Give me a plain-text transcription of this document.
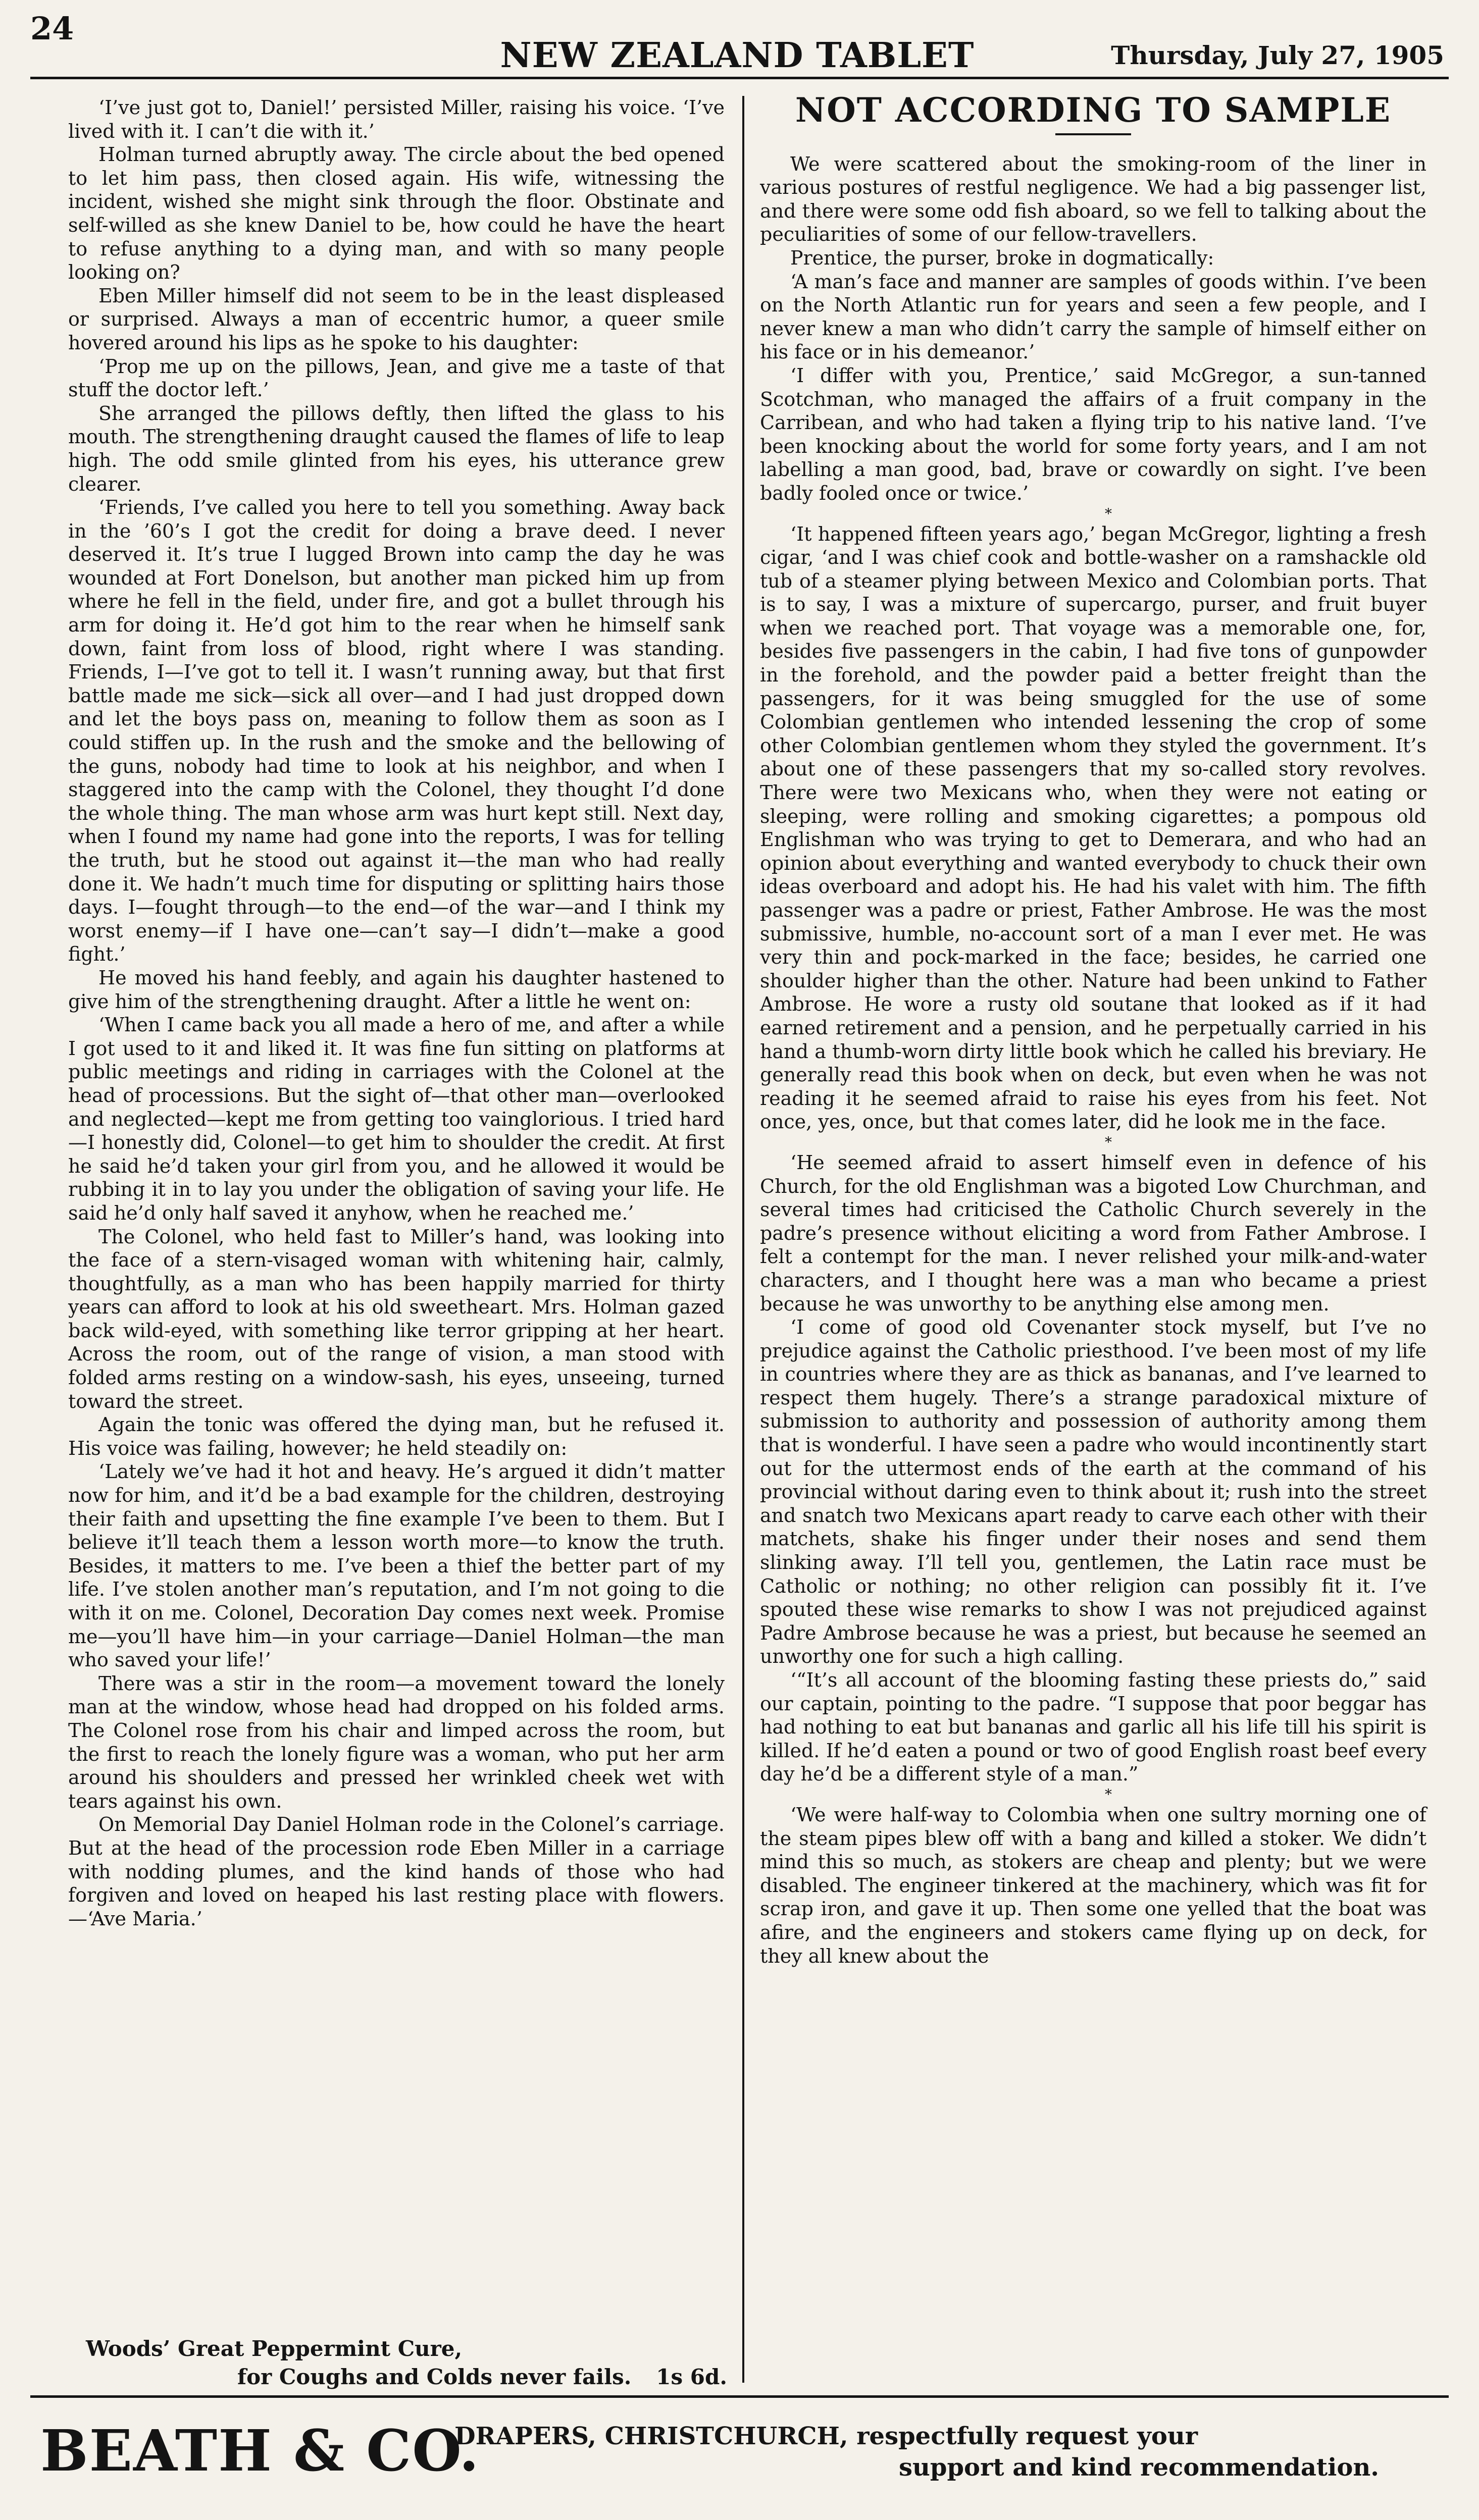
NEW ZEALAND TABLET	Thursday, July 27, 1905
24

‘I’ve just got to, Daniel!’ persisted Miller, raising his voice. ‘I’ve lived with it. I can’t die with it.’

Holman turned abruptly away. The circle about the bed opened to let him pass, then closed again. His wife, witnessing the incident, wished she might sink through the floor. Obstinate and self-willed as she knew Daniel to be, how could he have the heart to refuse anything to a dying man, and with so many people looking on?

Eben Miller himself did not seem to be in the least displeased or surprised. Always a man of eccentric humor, a queer smile hovered around his lips as he spoke to his daughter:

‘Prop me up on the pillows, Jean, and give me a taste of that stuff the doctor left.’

She arranged the pillows deftly, then lifted the glass to his mouth. The strengthening draught caused the flames of life to leap high. The odd smile glinted from his eyes, his utterance grew clearer.

‘Friends, I’ve called you here to tell you something. Away back in the ’60’s I got the credit for doing a brave deed. I never deserved it. It’s true I lugged Brown into camp the day he was wounded at Fort Donelson, but another man picked him up from where he fell in the field, under fire, and got a bullet through his arm for doing it. He’d got him to the rear when he himself sank down, faint from loss of blood, right where I was standing. Friends, I—I’ve got to tell it. I wasn’t running away, but that first battle made me sick—sick all over—and I had just dropped down and let the boys pass on, meaning to follow them as soon as I could stiffen up. In the rush and the smoke and the bellowing of the guns, nobody had time to look at his neighbor, and when I staggered into the camp with the Colonel, they thought I’d done the whole thing. The man whose arm was hurt kept still. Next day, when I found my name had gone into the reports, I was for telling the truth, but he stood out against it—the man who had really done it. We hadn’t much time for disputing or splitting hairs those days. I—fought through—to the end—of the war—and I think my worst enemy—if I have one—can’t say—I didn’t—make a good fight.’

He moved his hand feebly, and again his daughter hastened to give him of the strengthening draught. After a little he went on:

‘When I came back you all made a hero of me, and after a while I got used to it and liked it. It was fine fun sitting on platforms at public meetings and riding in carriages with the Colonel at the head of processions. But the sight of—that other man—overlooked and neglected—kept me from getting too vainglorious. I tried hard—I honestly did, Colonel—to get him to shoulder the credit. At first he said he’d taken your girl from you, and he allowed it would be rubbing it in to lay you under the obligation of saving your life. He said he’d only half saved it anyhow, when he reached me.’

The Colonel, who held fast to Miller’s hand, was looking into the face of a stern-visaged woman with whitening hair, calmly, thoughtfully, as a man who has been happily married for thirty years can afford to look at his old sweetheart. Mrs. Holman gazed back wild-eyed, with something like terror gripping at her heart. Across the room, out of the range of vision, a man stood with folded arms resting on a window-sash, his eyes, unseeing, turned toward the street.

Again the tonic was offered the dying man, but he refused it. His voice was failing, however; he held steadily on:

‘Lately we’ve had it hot and heavy. He’s argued it didn’t matter now for him, and it’d be a bad example for the children, destroying their faith and upsetting the fine example I’ve been to them. But I believe it’ll teach them a lesson worth more—to know the truth. Besides, it matters to me. I’ve been a thief the better part of my life. I’ve stolen another man’s reputation, and I’m not going to die with it on me. Colonel, Decoration Day comes next week. Promise me—you’ll have him—in your carriage—Daniel Holman—the man who saved your life!’

There was a stir in the room—a movement toward the lonely man at the window, whose head had dropped on his folded arms. The Colonel rose from his chair and limped across the room, but the first to reach the lonely figure was a woman, who put her arm around his shoulders and pressed her wrinkled cheek wet with tears against his own.

On Memorial Day Daniel Holman rode in the Colonel’s carriage. But at the head of the procession rode Eben Miller in a carriage with nodding plumes, and the kind hands of those who had forgiven and loved on heaped his last resting place with flowers.—‘Ave Maria.’

NOT ACCORDING TO SAMPLE

We were scattered about the smoking-room of the liner in various postures of restful negligence. We had a big passenger list, and there were some odd fish aboard, so we fell to talking about the peculiarities of some of our fellow-travellers.

Prentice, the purser, broke in dogmatically:

‘A man’s face and manner are samples of goods within. I’ve been on the North Atlantic run for years and seen a few people, and I never knew a man who didn’t carry the sample of himself either on his face or in his demeanor.’

‘I differ with you, Prentice,’ said McGregor, a sun-tanned Scotchman, who managed the affairs of a fruit company in the Carribean, and who had taken a flying trip to his native land. ‘I’ve been knocking about the world for some forty years, and I am not labelling a man good, bad, brave or cowardly on sight. I’ve been badly fooled once or twice.’

*

‘It happened fifteen years ago,’ began McGregor, lighting a fresh cigar, ‘and I was chief cook and bottle-washer on a ramshackle old tub of a steamer plying between Mexico and Colombian ports. That is to say, I was a mixture of supercargo, purser, and fruit buyer when we reached port. That voyage was a memorable one, for, besides five passengers in the cabin, I had five tons of gunpowder in the forehold, and the powder paid a better freight than the passengers, for it was being smuggled for the use of some Colombian gentlemen who intended lessening the crop of some other Colombian gentlemen whom they styled the government. It’s about one of these passengers that my so-called story revolves. There were two Mexicans who, when they were not eating or sleeping, were rolling and smoking cigarettes; a pompous old Englishman who was trying to get to Demerara, and who had an opinion about everything and wanted everybody to chuck their own ideas overboard and adopt his. He had his valet with him. The fifth passenger was a padre or priest, Father Ambrose. He was the most submissive, humble, no-account sort of a man I ever met. He was very thin and pock-marked in the face; besides, he carried one shoulder higher than the other. Nature had been unkind to Father Ambrose. He wore a rusty old soutane that looked as if it had earned retirement and a pension, and he perpetually carried in his hand a thumb-worn dirty little book which he called his breviary. He generally read this book when on deck, but even when he was not reading it he seemed afraid to raise his eyes from his feet. Not once, yes, once, but that comes later, did he look me in the face.

*

‘He seemed afraid to assert himself even in defence of his Church, for the old Englishman was a bigoted Low Churchman, and several times had criticised the Catholic Church severely in the padre’s presence without eliciting a word from Father Ambrose. I felt a contempt for the man. I never relished your milk-and-water characters, and I thought here was a man who became a priest because he was unworthy to be anything else among men.

‘I come of good old Covenanter stock myself, but I’ve no prejudice against the Catholic priesthood. I’ve been most of my life in countries where they are as thick as bananas, and I’ve learned to respect them hugely. There’s a strange paradoxical mixture of submission to authority and possession of authority among them that is wonderful. I have seen a padre who would incontinently start out for the uttermost ends of the earth at the command of his provincial without daring even to think about it; rush into the street and snatch two Mexicans apart ready to carve each other with their matchets, shake his finger under their noses and send them slinking away. I’ll tell you, gentlemen, the Latin race must be Catholic or nothing; no other religion can possibly fit it. I’ve spouted these wise remarks to show I was not prejudiced against Padre Ambrose because he was a priest, but because he seemed an unworthy one for such a high calling.

‘“It’s all account of the blooming fasting these priests do,” said our captain, pointing to the padre. “I suppose that poor beggar has had nothing to eat but bananas and garlic all his life till his spirit is killed. If he’d eaten a pound or two of good English roast beef every day he’d be a different style of a man.”

*

‘We were half-way to Colombia when one sultry morning one of the steam pipes blew off with a bang and killed a stoker. We didn’t mind this so much, as stokers are cheap and plenty; but we were disabled. The engineer tinkered at the machinery, which was fit for scrap iron, and gave it up. Then some one yelled that the boat was afire, and the engineers and stokers came flying up on deck, for they all knew about the

Woods’ Great Peppermint Cure,
for Coughs and Colds never fails. 1s 6d.
BEATH & CO.
DRAPERS, CHRISTCHURCH, respectfully request your
support and kind recommendation.
